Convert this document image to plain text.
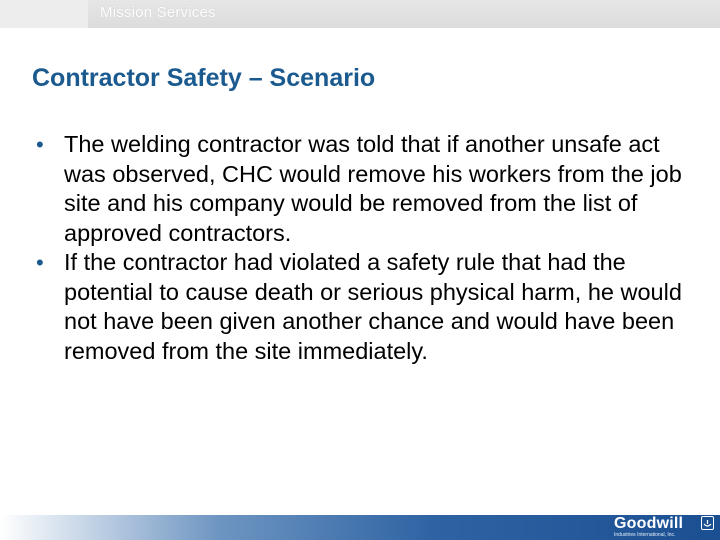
Mission Services
Contractor Safety – Scenario
• The welding contractor was told that if another unsafe act was observed, CHC would remove his workers from the job site and his company would be removed from the list of approved contractors.
• If the contractor had violated a safety rule that had the potential to cause death or serious physical harm, he would not have been given another chance and would have been removed from the site immediately.
Goodwill
Industries International, Inc.
